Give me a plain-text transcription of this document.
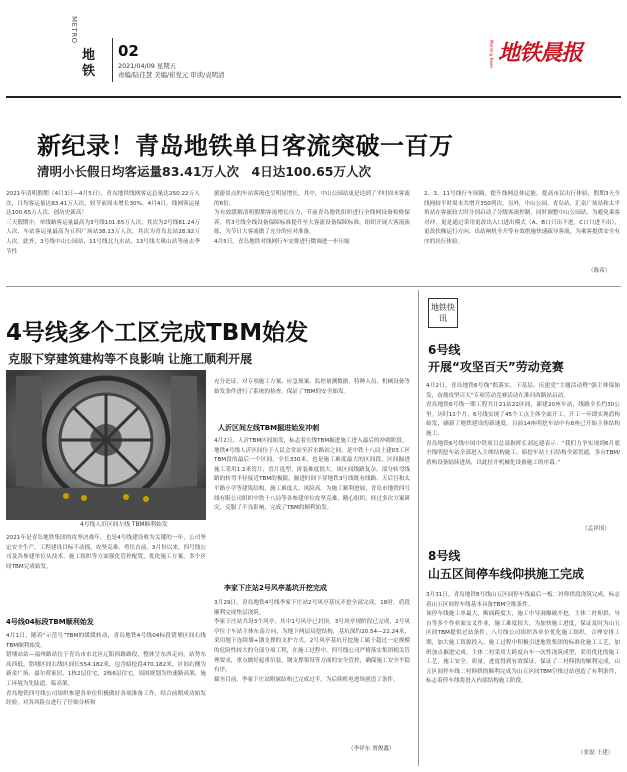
METRO
地铁
02
2021/04/09 星期五
责编/陆佳慧 美编/崔党元 审读/袁明清
Morning News 地铁晨报
新纪录！青岛地铁单日客流突破一百万
清明小长假日均客运量83.41万人次　4日达100.65万人次
2021年清明假期（4月3日—4月5日），青岛地铁线网客运总量达250.22万人次，日均客运量达83.41万人次，较节前周末增长30%。4月4日，线网客运量达100.65万人次，创历史新高！
三天假期中，单线路客运量最高为3号线101.65万人次，其次为2号线81.24万人次，车站客运量最高为五四广场站38.13万人次，其次为青岛北站28.92万人次。此外，3号线中山公园站、11号线北九水站、13号线大珠山站等前去季节性
旅游景点的车站客流也呈明显增长，其中，中山公园站更是达到了平时周末客流的6倍。
为有效缓解清明假期客流增长压力，节前青岛地铁组织进行全线网设备检修保养，将3号线全线设备保障标准提升至大客流设备保障标准，组织开展大客流演练，为节日大客流做了充分的应对准备。
4月5日，青岛地铁对线网行车安排进行微调进一步压缩
2、3、11号线行车间隔，提升线网总体运能，提高市民出行体验，假期3天全线网较平时周末共增开350列次。另外，中山公园、青岛站、汇泉广场站和太平角站在客流较大时分别启动了分级客流控制，同时调整中山公园站，为避免乘客对冲，更是通过采用更改出入口进出模式（A、B口只出不进，C口只进不出），更改扶梯运行方向、出站闸机全开等有效措施快速疏导客流，为乘客提供安全有序的出行体验。
（陈希）
4号线多个工区完成TBM始发
克服下穿建筑建构等不良影响 让施工顺利开展
4号线人沂区间左线 TBM顺利始发
2021年是青岛地铁集团的攻坚决战年，也是4号线建设收为关键的一年，公司坚定安全生产、工程建设目标不动摇，攻坚克难、勇往直前。3月份以来，四号线公司及各参建单位从技术、施工组织等方面强化管控配置，优化施工方案，多个区间TBM完成始发。
4号线04标段TBM顺利始发
4月1日，随着“示范号”TBM的缓缓转动，青岛地铁4号线04标段错埔区间右线TBM顺利始发。
错埔站站—福州路站位于青岛市市北区辽阳西路路段，整体呈东西走向，站势东高西低。错埔区间右线区间长554.182米，包含暗挖段470.182米，区间右侧为新金广场、嘉尔荷家居，1栋2层住宅，2栋6层住宅，周围规划为快速路高架，施工环境为先陆道，临高架。
青岛地铁四号线公司组织参建各单位积极做好各项准备工作，结合前期成功始发经验，对各风险点进行了仔细分析和
充分论证，对专项施工方案、应急预案、监控量测数据、特种人员、机械设备等始发条件进行了系统的检查，保证了TBM的安全始发。
人沂区间左线TBM掘进始发冲刺
4月2日，人沂TBM区间始发，标志着左线TBM掘进施工进入最后的冲刺阶段。
地铁4号线人沂区间位于人民会堂站至沂水路站之间，是中铁十八局土建03工区TBM段的最后一个区间，全长330米，也是施工难度最大的区间段。区间掘进施工采用1.2米管片，管片选型、拼装难度很大。该区间线路复杂，部分转弯线路的转弯半径接近TBM的极限，掘进时间下穿地铁3号线既有线路、天后宫和太平路小学等建筑结构，施工难度大、风险高。为施工顺利进展，青岛市地铁四号线有限公司组织中铁十八局等各参建单位攻坚克难、精心组织，经过多次方案研究，克服了不良影响，完成了TBM的顺利始发。
李家下庄站2号风亭基坑开挖完成
3月29日，青岛地铁4号线李家下庄站2号风亭基坑开挖全部完成，18时，盾段顺利完成垫层浇筑。
李家下庄站共设3个风亭，其中1号风亭已封顶，3号风亭现阶段已完成，2号风亭位于车站主体东南方向，为地下两层局挖结构，基坑深约20.54—22.24米，采用地下连续墙+钢支撑的支护方式。2号风亭基坑开挖施工属于超过一定规模的危险性较大的分部分项工程，在施工过程中，四号线公司严格落实集团相关管理要求，重点做好起重吊装、钢支撑架设等方面的安全管控，确保施工安全平稳有序。
截至目前，李家下庄站附属结构已完成过半，为后续机电进场创造了条件。
（李祥东 贾俊鑫）
地铁快讯
6号线
开展“攻坚百天”劳动竞赛
4月2日，青岛地铁6号线“抓落实、下基层、庆建党”主题活动暨“强主体保始发，奋战攻坚百天”专项劳动竞赛活动在淮河西路站启动。
青岛地铁6号线一期工程共计21站22区间，新建20座车站，线路全长约30公里。历时11个月，6号线实现了45个工点主体全面开工，开工一年即实现盾构始发，刷新了地铁建设的新速度。目前14座明挖车站中有8座已开始主体结构施工。
青岛地铁6号线中国中铁项目总部指挥长刘远建表示：“我们力争实现到6月底全线明挖车站全部进入主体结构施工，暗挖车站土石结构全部贯通，多台TBM/盾构设备陆续进场，以此拉开机械化设备施工的序幕。”
（孟祥国）
8号线
山五区间停车线仰拱施工完成
3月31日，青岛地铁8号线山五区间停车线最后一板二衬仰拱段浇筑完成，标志着山五区间停车线基本具备TBM空推条件。
该停车线施工单最大，断面跨度大，施工中导洞爆破开挖，主体二衬仰拱、导台等多个作业面交叉作业，施工难度较大。为加快施工进度，保证及时为山五区间TBM提供过站条件，八号线公司组织各单位优化施工组织，合理安排工期，加大施工资源投入。施工过程中积极引进地铁集团的标准化施工工艺，加班加点掘进完成。主体二衬采用大跨度台车一次性浇筑成型，采用优化的施工工艺，施工安全、质量、进度得到有效保证，保证了二衬仰拱的顺利完成。山五区间停车线二衬仰拱的顺利完成为山五区间TBM空推过站创造了有利条件，标志着停车线将进入内部结构施工阶段。
（张磊 王建）
